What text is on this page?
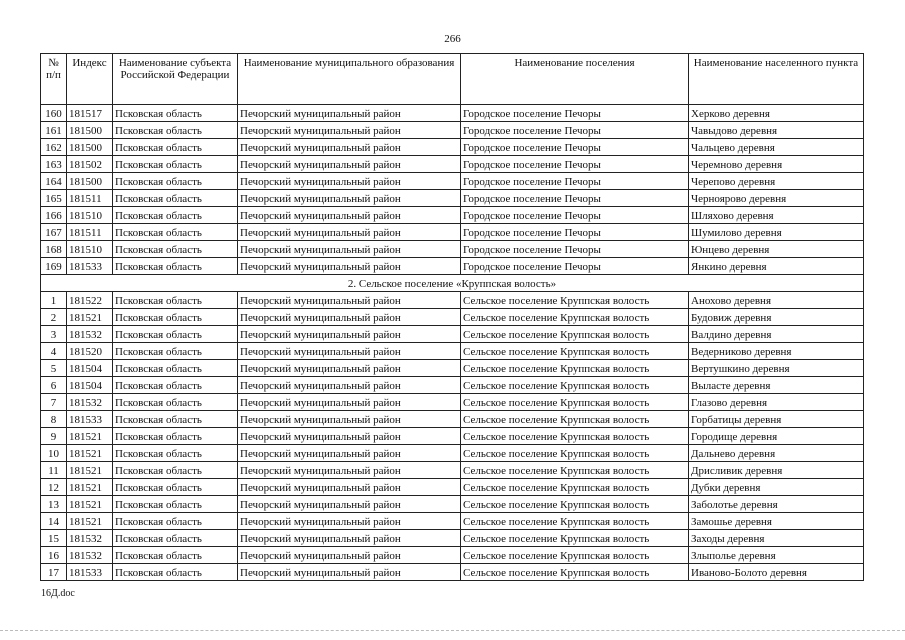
266
№ п/п	Индекс	Наименование субъекта Российской Федерации	Наименование муниципального образования	Наименование поселения	Наименование населенного пункта
160	181517	Псковская область	Печорский муниципальный район	Городское поселение Печоры	Херково деревня
161	181500	Псковская область	Печорский муниципальный район	Городское поселение Печоры	Чавыдово деревня
162	181500	Псковская область	Печорский муниципальный район	Городское поселение Печоры	Чальцево деревня
163	181502	Псковская область	Печорский муниципальный район	Городское поселение Печоры	Черемново деревня
164	181500	Псковская область	Печорский муниципальный район	Городское поселение Печоры	Черепово деревня
165	181511	Псковская область	Печорский муниципальный район	Городское поселение Печоры	Черноярово деревня
166	181510	Псковская область	Печорский муниципальный район	Городское поселение Печоры	Шляхово деревня
167	181511	Псковская область	Печорский муниципальный район	Городское поселение Печоры	Шумилово деревня
168	181510	Псковская область	Печорский муниципальный район	Городское поселение Печоры	Юнцево деревня
169	181533	Псковская область	Печорский муниципальный район	Городское поселение Печоры	Янкино деревня
2. Сельское поселение «Круппская волость»					
1	181522	Псковская область	Печорский муниципальный район	Сельское поселение Круппская волость	Анохово деревня
2	181521	Псковская область	Печорский муниципальный район	Сельское поселение Круппская волость	Будовиж деревня
3	181532	Псковская область	Печорский муниципальный район	Сельское поселение Круппская волость	Валдино деревня
4	181520	Псковская область	Печорский муниципальный район	Сельское поселение Круппская волость	Ведерниково деревня
5	181504	Псковская область	Печорский муниципальный район	Сельское поселение Круппская волость	Вертушкино деревня
6	181504	Псковская область	Печорский муниципальный район	Сельское поселение Круппская волость	Выласте деревня
7	181532	Псковская область	Печорский муниципальный район	Сельское поселение Круппская волость	Глазово деревня
8	181533	Псковская область	Печорский муниципальный район	Сельское поселение Круппская волость	Горбатицы деревня
9	181521	Псковская область	Печорский муниципальный район	Сельское поселение Круппская волость	Городище деревня
10	181521	Псковская область	Печорский муниципальный район	Сельское поселение Круппская волость	Дальнево деревня
11	181521	Псковская область	Печорский муниципальный район	Сельское поселение Круппская волость	Дрисливик деревня
12	181521	Псковская область	Печорский муниципальный район	Сельское поселение Круппская волость	Дубки деревня
13	181521	Псковская область	Печорский муниципальный район	Сельское поселение Круппская волость	Заболотье деревня
14	181521	Псковская область	Печорский муниципальный район	Сельское поселение Круппская волость	Замошье деревня
15	181532	Псковская область	Печорский муниципальный район	Сельское поселение Круппская волость	Заходы деревня
16	181532	Псковская область	Печорский муниципальный район	Сельское поселение Круппская волость	Злыполье деревня
17	181533	Псковская область	Печорский муниципальный район	Сельское поселение Круппская волость	Иваново-Болото деревня
16Д.doc
